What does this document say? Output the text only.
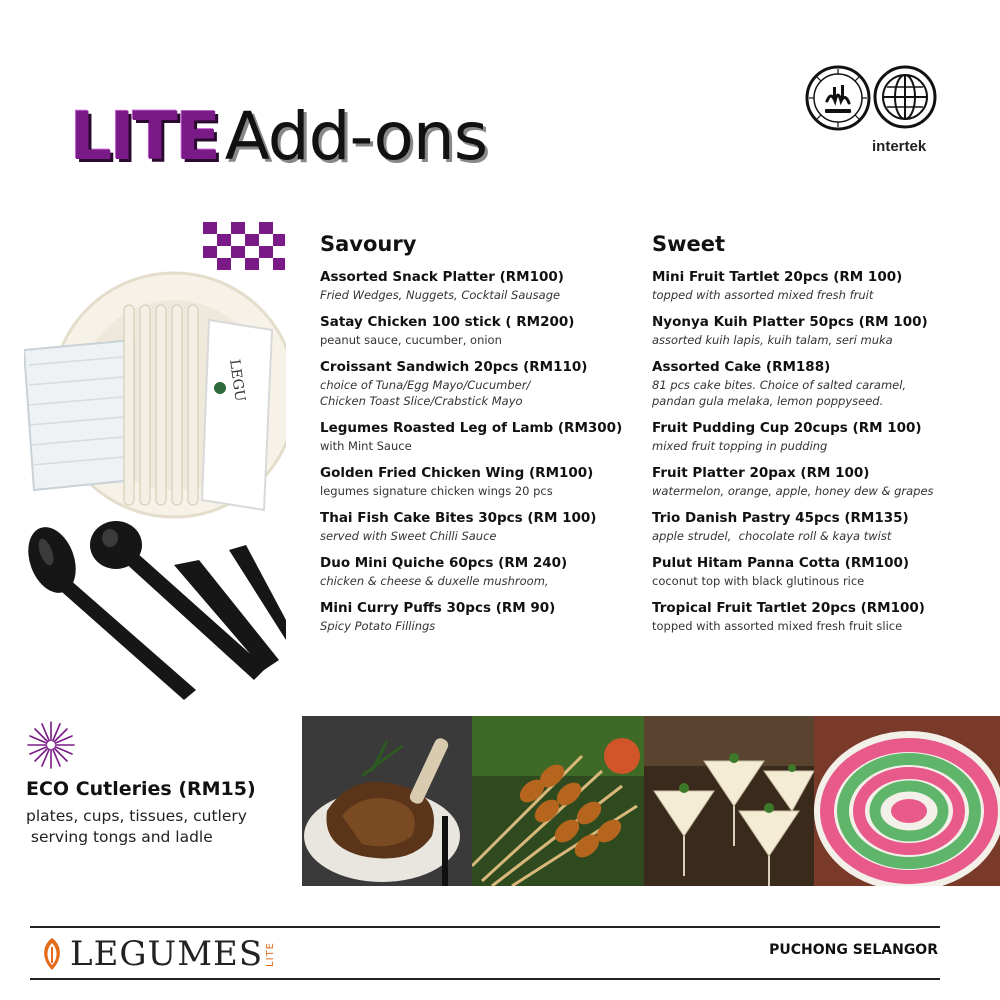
LITE Add-ons	intertek
LEGU
ECO Cutleries (RM15)
plates, cups, tissues, cutlery
serving tongs and ladle
Savoury
Assorted Snack Platter (RM100)
Fried Wedges, Nuggets, Cocktail Sausage
Satay Chicken 100 stick ( RM200)
peanut sauce, cucumber, onion
Croissant Sandwich 20pcs (RM110)
choice of Tuna/Egg Mayo/Cucumber/
Chicken Toast Slice/Crabstick Mayo
Legumes Roasted Leg of Lamb (RM300)
with Mint Sauce
Golden Fried Chicken Wing (RM100)
legumes signature chicken wings 20 pcs
Thai Fish Cake Bites 30pcs (RM 100)
served with Sweet Chilli Sauce
Duo Mini Quiche 60pcs (RM 240)
chicken & cheese & duxelle mushroom,
Mini Curry Puffs 30pcs (RM 90)
Spicy Potato Fillings
Sweet
Mini Fruit Tartlet 20pcs (RM 100)
topped with assorted mixed fresh fruit
Nyonya Kuih Platter 50pcs (RM 100)
assorted kuih lapis, kuih talam, seri muka
Assorted Cake (RM188)
81 pcs cake bites. Choice of salted caramel,
pandan gula melaka, lemon poppyseed.
Fruit Pudding Cup 20cups (RM 100)
mixed fruit topping in pudding
Fruit Platter 20pax (RM 100)
watermelon, orange, apple, honey dew & grapes
Trio Danish Pastry 45pcs (RM135)
apple strudel,  chocolate roll & kaya twist
Pulut Hitam Panna Cotta (RM100)
coconut top with black glutinous rice
Tropical Fruit Tartlet 20pcs (RM100)
topped with assorted mixed fresh fruit slice
LEGUMES LITE	PUCHONG SELANGOR
